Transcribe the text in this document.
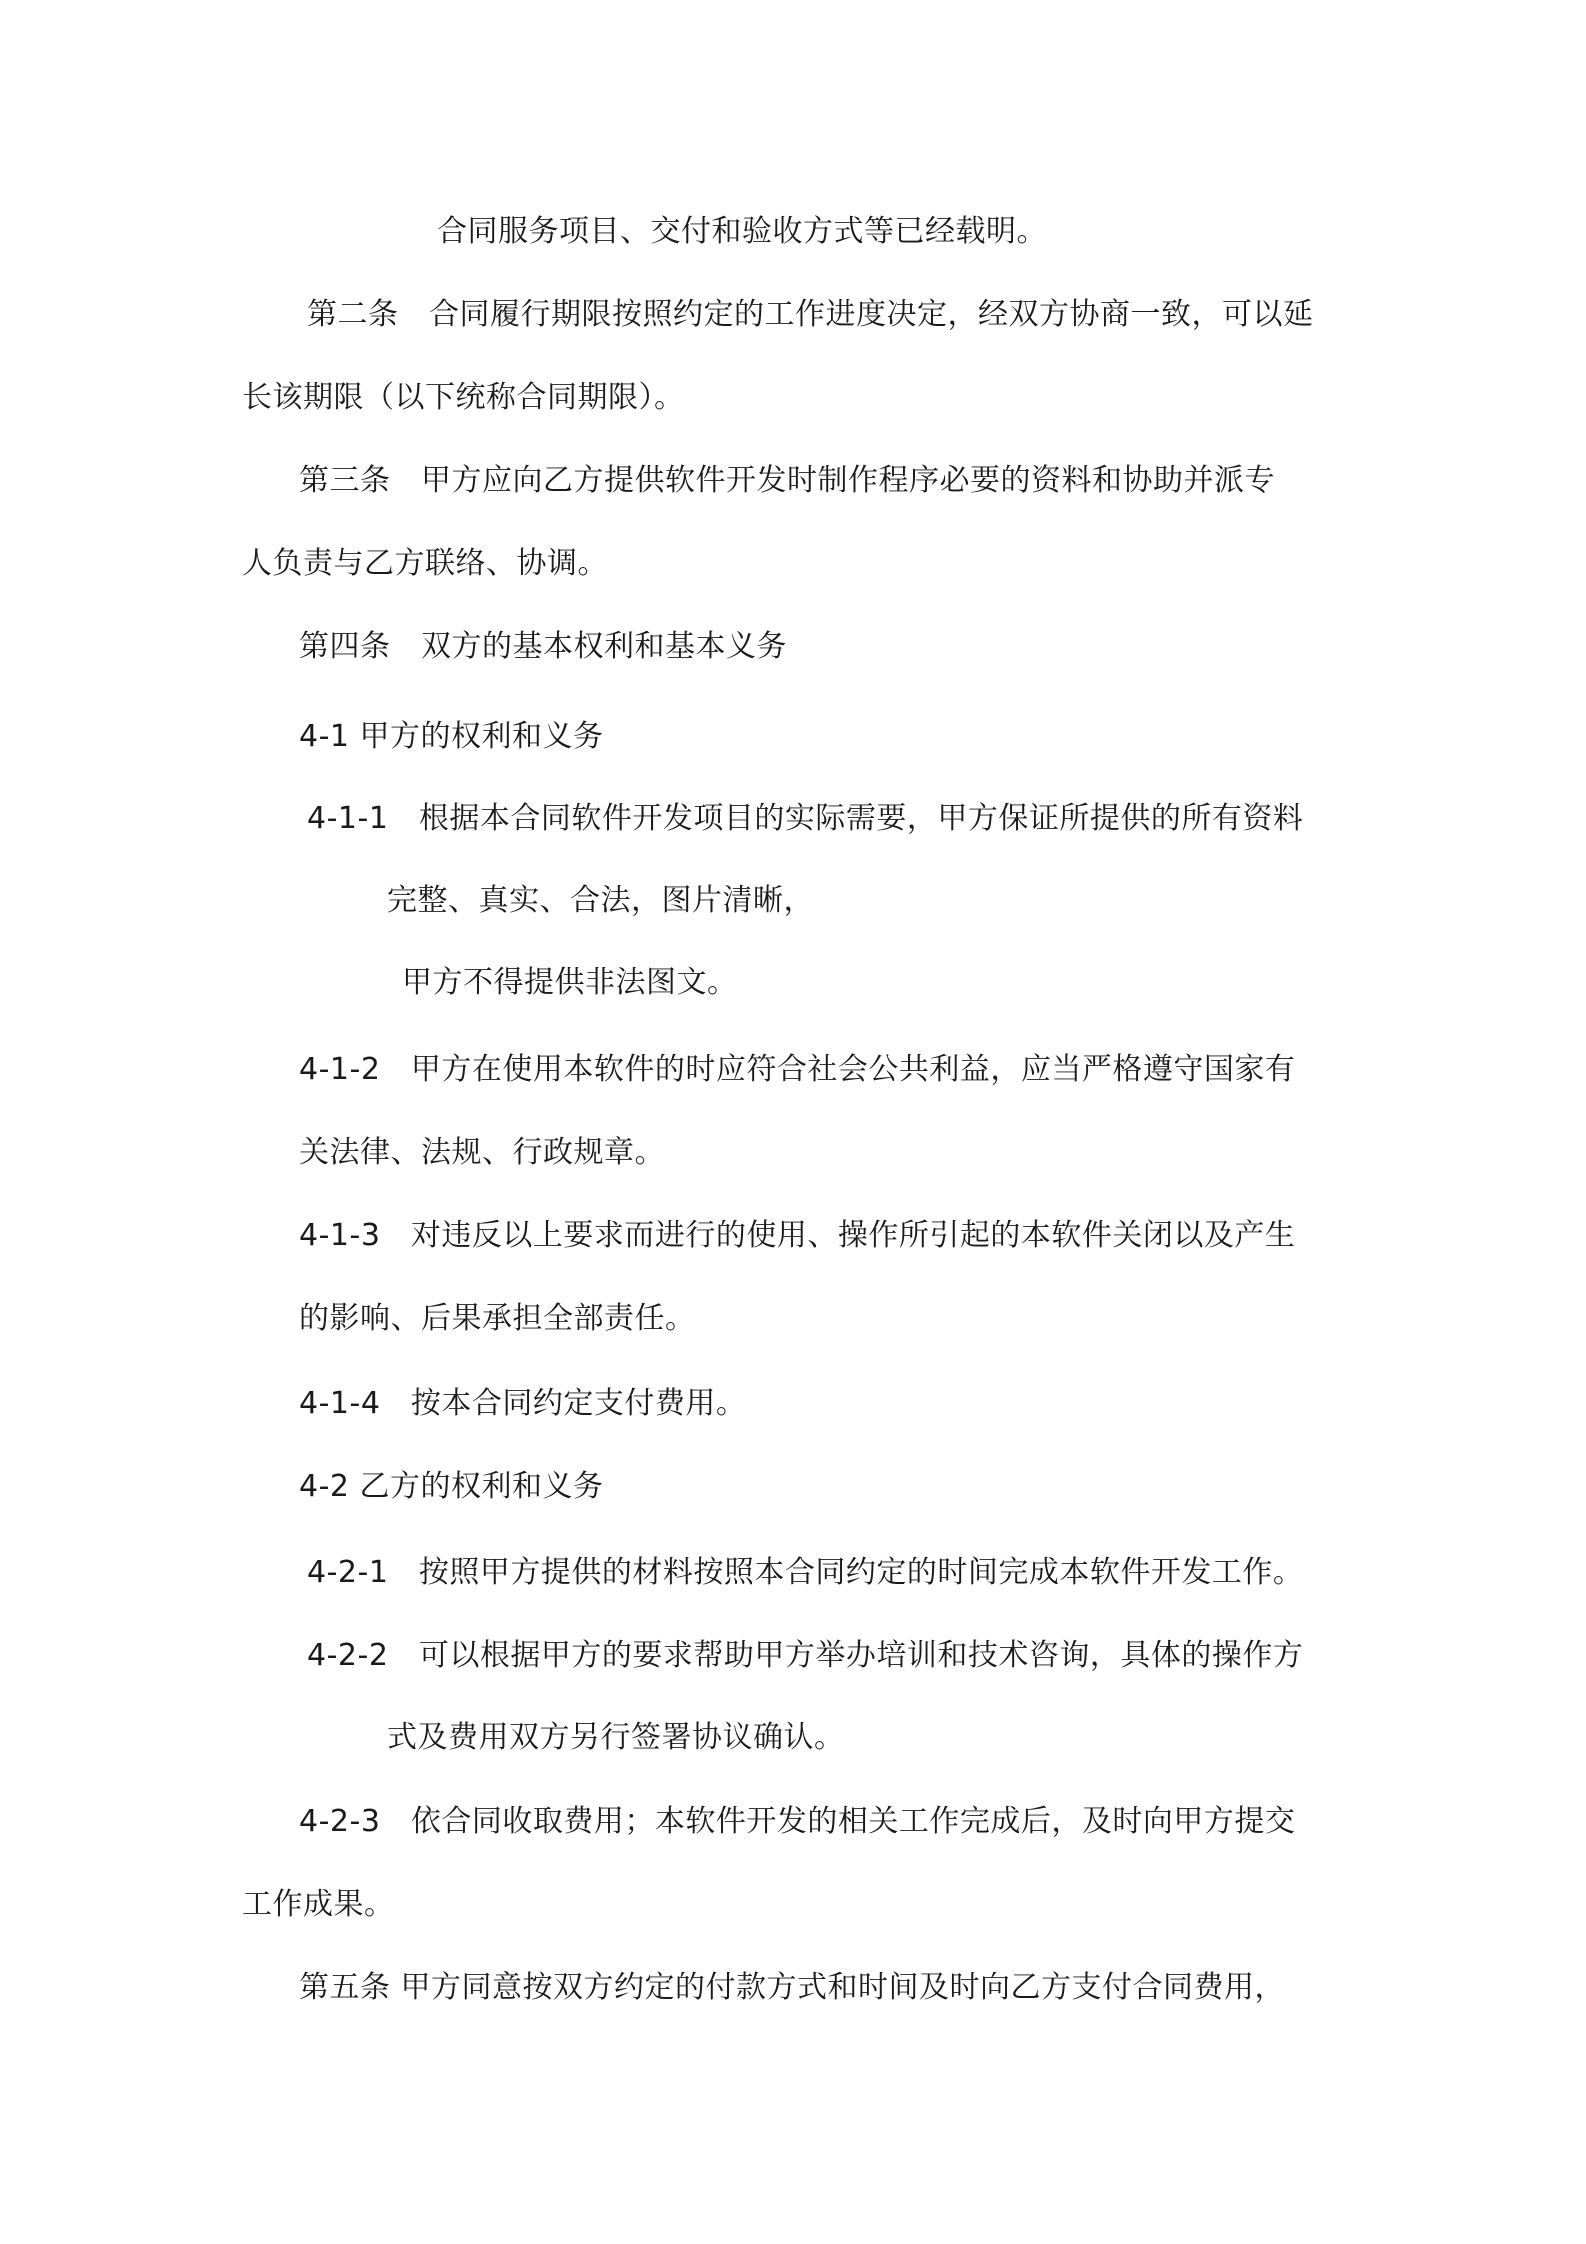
合同服务项目、交付和验收方式等已经载明。
第二条　合同履行期限按照约定的工作进度决定，经双方协商一致，可以延
长该期限（以下统称合同期限）。
第三条　甲方应向乙方提供软件开发时制作程序必要的资料和协助并派专
人负责与乙方联络、协调。
第四条　双方的基本权利和基本义务
4-1 甲方的权利和义务
4-1-1　根据本合同软件开发项目的实际需要，甲方保证所提供的所有资料
完整、真实、合法，图片清晰，
甲方不得提供非法图文。
4-1-2　甲方在使用本软件的时应符合社会公共利益，应当严格遵守国家有
关法律、法规、行政规章。
4-1-3　对违反以上要求而进行的使用、操作所引起的本软件关闭以及产生
的影响、后果承担全部责任。
4-1-4　按本合同约定支付费用。
4-2 乙方的权利和义务
4-2-1　按照甲方提供的材料按照本合同约定的时间完成本软件开发工作。
4-2-2　可以根据甲方的要求帮助甲方举办培训和技术咨询，具体的操作方
式及费用双方另行签署协议确认。
4-2-3　依合同收取费用；本软件开发的相关工作完成后，及时向甲方提交
工作成果。
第五条 甲方同意按双方约定的付款方式和时间及时向乙方支付合同费用，
